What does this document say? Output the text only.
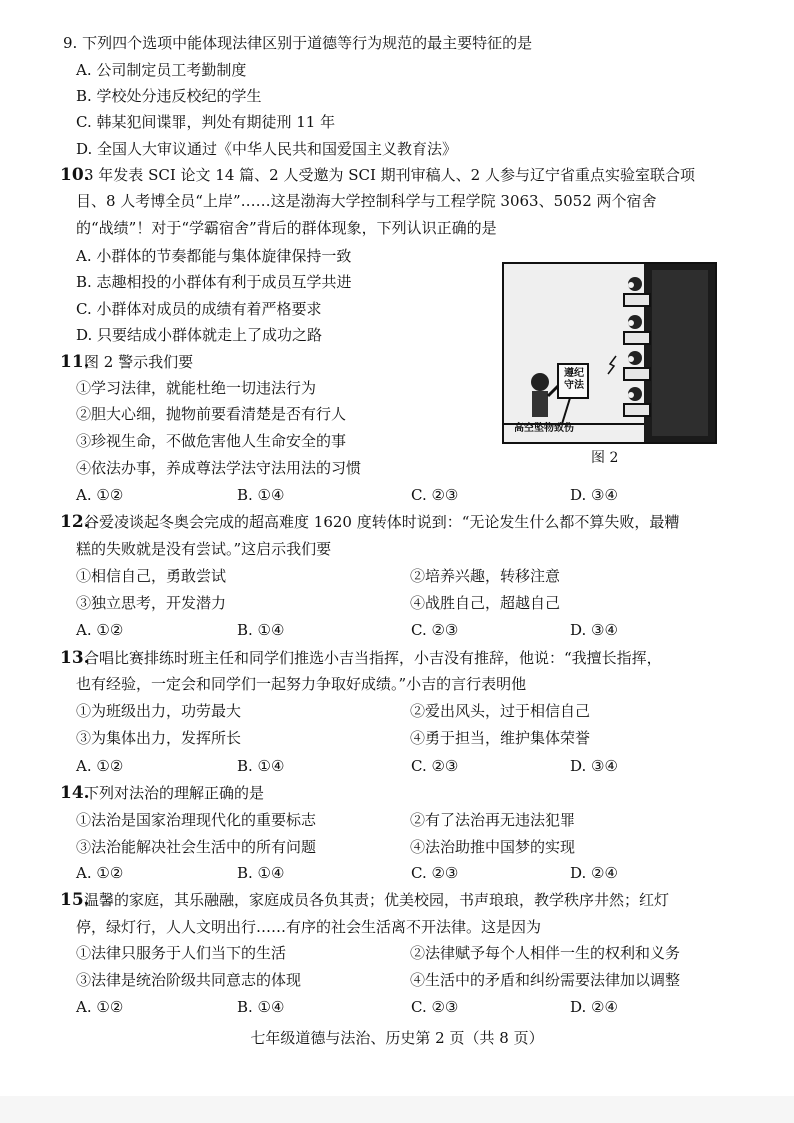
9. 下列四个选项中能体现法律区别于道德等行为规范的最主要特征的是
A. 公司制定员工考勤制度
B. 学校处分违反校纪的学生
C. 韩某犯间谍罪，判处有期徒刑 11 年
D. 全国人大审议通过《中华人民共和国爱国主义教育法》
10.
3 年发表 SCI 论文 14 篇、2 人受邀为 SCI 期刊审稿人、2 人参与辽宁省重点实验室联合项
目、8 人考博全员“上岸”……这是渤海大学控制科学与工程学院 3063、5052 两个宿舍
的“战绩”！对于“学霸宿舍”背后的群体现象，下列认识正确的是
A. 小群体的节奏都能与集体旋律保持一致
B. 志趣相投的小群体有利于成员互学共进
C. 小群体对成员的成绩有着严格要求
D. 只要结成小群体就走上了成功之路
遵纪守法
高空坠物致伤
图 2
11.
图 2 警示我们要
①学习法律，就能杜绝一切违法行为
②胆大心细，抛物前要看清楚是否有行人
③珍视生命，不做危害他人生命安全的事
④依法办事，养成尊法学法守法用法的习惯
A. ①②	B. ①④	C. ②③	D. ③④
12.
谷爱凌谈起冬奥会完成的超高难度 1620 度转体时说到：“无论发生什么都不算失败，最糟
糕的失败就是没有尝试。”这启示我们要
①相信自己，勇敢尝试	②培养兴趣，转移注意
③独立思考，开发潜力	④战胜自己，超越自己
A. ①②	B. ①④	C. ②③	D. ③④
13.
合唱比赛排练时班主任和同学们推选小吉当指挥，小吉没有推辞，他说：“我擅长指挥，
也有经验，一定会和同学们一起努力争取好成绩。”小吉的言行表明他
①为班级出力，功劳最大	②爱出风头，过于相信自己
③为集体出力，发挥所长	④勇于担当，维护集体荣誉
A. ①②	B. ①④	C. ②③	D. ③④
14.
下列对法治的理解正确的是
①法治是国家治理现代化的重要标志	②有了法治再无违法犯罪
③法治能解决社会生活中的所有问题	④法治助推中国梦的实现
A. ①②	B. ①④	C. ②③	D. ②④
15.
温馨的家庭，其乐融融，家庭成员各负其责；优美校园，书声琅琅，教学秩序井然；红灯
停，绿灯行，人人文明出行……有序的社会生活离不开法律。这是因为
①法律只服务于人们当下的生活	②法律赋予每个人相伴一生的权利和义务
③法律是统治阶级共同意志的体现	④生活中的矛盾和纠纷需要法律加以调整
A. ①②	B. ①④	C. ②③	D. ②④
七年级道德与法治、历史第 2 页（共 8 页）
